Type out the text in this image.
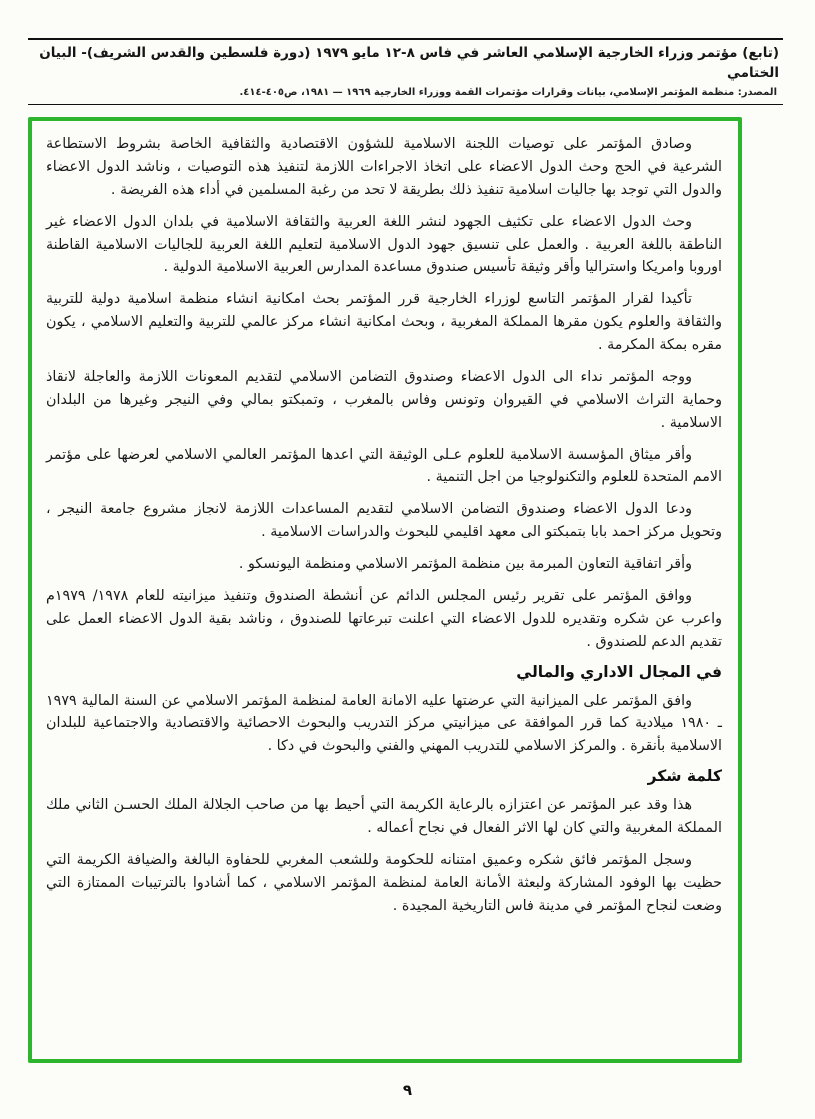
(تابع) مؤتمر وزراء الخارجية الإسلامي العاشر في فاس ٨-١٢ مايو ١٩٧٩ (دورة فلسطين والقدس الشريف)- البيان الختامي
المصدر: منظمة المؤتمر الإسلامي، بيانات وقرارات مؤتمرات القمة ووزراء الخارجية ١٩٦٩ — ١٩٨١، ص٤٠٥-٤١٤.

وصادق المؤتمر على توصيات اللجنة الاسلامية للشؤون الاقتصادية والثقافية الخاصة بشروط الاستطاعة الشرعية في الحج وحث الدول الاعضاء على اتخاذ الاجراءات اللازمة لتنفيذ هذه التوصيات ، وناشد الدول الاعضاء والدول التي توجد بها جاليات اسلامية تنفيذ ذلك بطريقة لا تحد من رغبة المسلمين في أداء هذه الفريضة .

وحث الدول الاعضاء على تكثيف الجهود لنشر اللغة العربية والثقافة الاسلامية في بلدان الدول الاعضاء غير الناطقة باللغة العربية . والعمل على تنسيق جهود الدول الاسلامية لتعليم اللغة العربية للجاليات الاسلامية القاطنة اوروبا وامريكا واستراليا وأقر وثيقة تأسيس صندوق مساعدة المدارس العربية الاسلامية الدولية .

تأكيدا لقرار المؤتمر التاسع لوزراء الخارجية قرر المؤتمر بحث امكانية انشاء منظمة اسلامية دولية للتربية والثقافة والعلوم يكون مقرها المملكة المغربية ، وبحث امكانية انشاء مركز عالمي للتربية والتعليم الاسلامي ، يكون مقره بمكة المكرمة .

ووجه المؤتمر نداء الى الدول الاعضاء وصندوق التضامن الاسلامي لتقديم المعونات اللازمة والعاجلة لانقاذ وحماية التراث الاسلامي في القيروان وتونس وفاس بالمغرب ، وتمبكتو بمالي وفي النيجر وغيرها من البلدان الاسلامية .

وأقر ميثاق المؤسسة الاسلامية للعلوم عـلى الوثيقة التي اعدها المؤتمر العالمي الاسلامي لعرضها على مؤتمر الامم المتحدة للعلوم والتكنولوجيا من اجل التنمية .

ودعا الدول الاعضاء وصندوق التضامن الاسلامي لتقديم المساعدات اللازمة لانجاز مشروع جامعة النيجر ، وتحويل مركز احمد بابا بتمبكتو الى معهد اقليمي للبحوث والدراسات الاسلامية .

وأقر اتفاقية التعاون المبرمة بين منظمة المؤتمر الاسلامي ومنظمة اليونسكو .

ووافق المؤتمر على تقرير رئيس المجلس الدائم عن أنشطة الصندوق وتنفيذ ميزانيته للعام ١٩٧٨/ ١٩٧٩م واعرب عن شكره وتقديره للدول الاعضاء التي اعلنت تبرعاتها للصندوق ، وناشد بقية الدول الاعضاء العمل على تقديم الدعم للصندوق .

في المجال الاداري والمالي

وافق المؤتمر على الميزانية التي عرضتها عليه الامانة العامة لمنظمة المؤتمر الاسلامي عن السنة المالية ١٩٧٩ ـ ١٩٨٠ ميلادية كما قرر الموافقة عى ميزانيتي مركز التدريب والبحوث الاحصائية والاقتصادية والاجتماعية للبلدان الاسلامية بأنقرة . والمركز الاسلامي للتدريب المهني والفني والبحوث في دكا .

كلمة شكر

هذا وقد عبر المؤتمر عن اعتزازه بالرعاية الكريمة التي أحيط بها من صاحب الجلالة الملك الحسـن الثاني ملك المملكة المغربية والتي كان لها الاثر الفعال في نجاح أعماله .

وسجل المؤتمر فائق شكره وعميق امتنانه للحكومة وللشعب المغربي للحفاوة البالغة والضيافة الكريمة التي حظيت بها الوفود المشاركة ولبعثة الأمانة العامة لمنظمة المؤتمر الاسلامي ، كما أشادوا بالترتيبات الممتازة التي وضعت لنجاح المؤتمر في مدينة فاس التاريخية المجيدة .

٩
